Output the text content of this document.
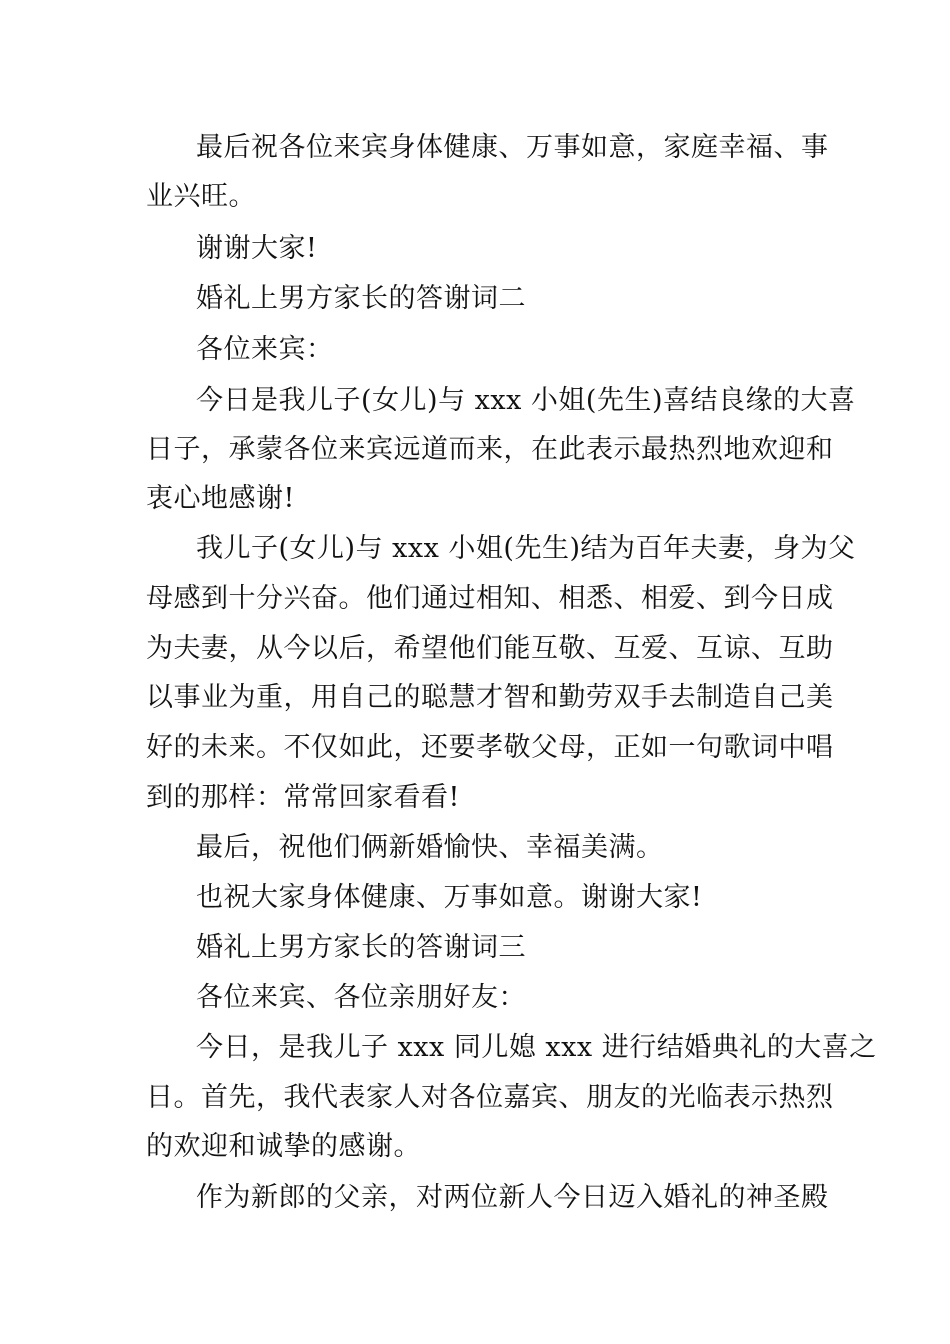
最后祝各位来宾身体健康、万事如意，家庭幸福、事
业兴旺。
谢谢大家!
婚礼上男方家长的答谢词二
各位来宾：
今日是我儿子(女儿)与 xxx 小姐(先生)喜结良缘的大喜
日子，承蒙各位来宾远道而来，在此表示最热烈地欢迎和
衷心地感谢!
我儿子(女儿)与 xxx 小姐(先生)结为百年夫妻，身为父
母感到十分兴奋。他们通过相知、相悉、相爱、到今日成
为夫妻，从今以后，希望他们能互敬、互爱、互谅、互助
以事业为重，用自己的聪慧才智和勤劳双手去制造自己美
好的未来。不仅如此，还要孝敬父母，正如一句歌词中唱
到的那样：常常回家看看!
最后，祝他们俩新婚愉快、幸福美满。
也祝大家身体健康、万事如意。谢谢大家!
婚礼上男方家长的答谢词三
各位来宾、各位亲朋好友：
今日，是我儿子 xxx 同儿媳 xxx 进行结婚典礼的大喜之
日。首先，我代表家人对各位嘉宾、朋友的光临表示热烈
的欢迎和诚挚的感谢。
作为新郎的父亲，对两位新人今日迈入婚礼的神圣殿
